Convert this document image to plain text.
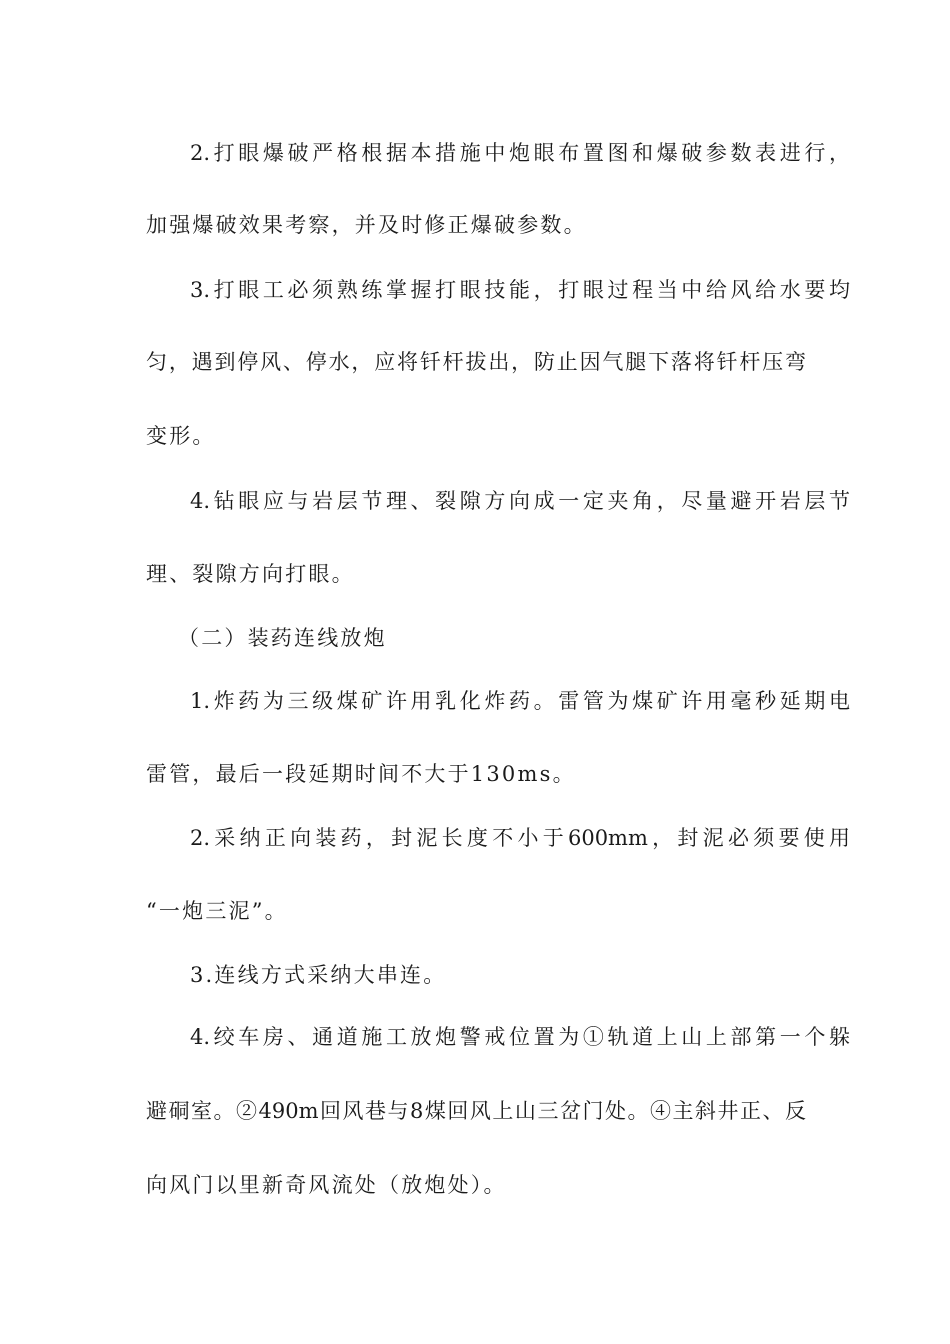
2.打眼爆破严格根据本措施中炮眼布置图和爆破参数表进行，
加强爆破效果考察，并及时修正爆破参数。
3.打眼工必须熟练掌握打眼技能，打眼过程当中给风给水要均
匀，遇到停风、停水，应将钎杆拔出，防止因气腿下落将钎杆压弯
变形。
4.钻眼应与岩层节理、裂隙方向成一定夹角，尽量避开岩层节
理、裂隙方向打眼。
（二）装药连线放炮
1.炸药为三级煤矿许用乳化炸药。雷管为煤矿许用毫秒延期电
雷管，最后一段延期时间不大于130ms。
2.采纳正向装药，封泥长度不小于600mm，封泥必须要使用
“一炮三泥”。
3.连线方式采纳大串连。
4.绞车房、通道施工放炮警戒位置为①轨道上山上部第一个躲
避硐室。②490m回风巷与8煤回风上山三岔门处。④主斜井正、反
向风门以里新奇风流处（放炮处）。
